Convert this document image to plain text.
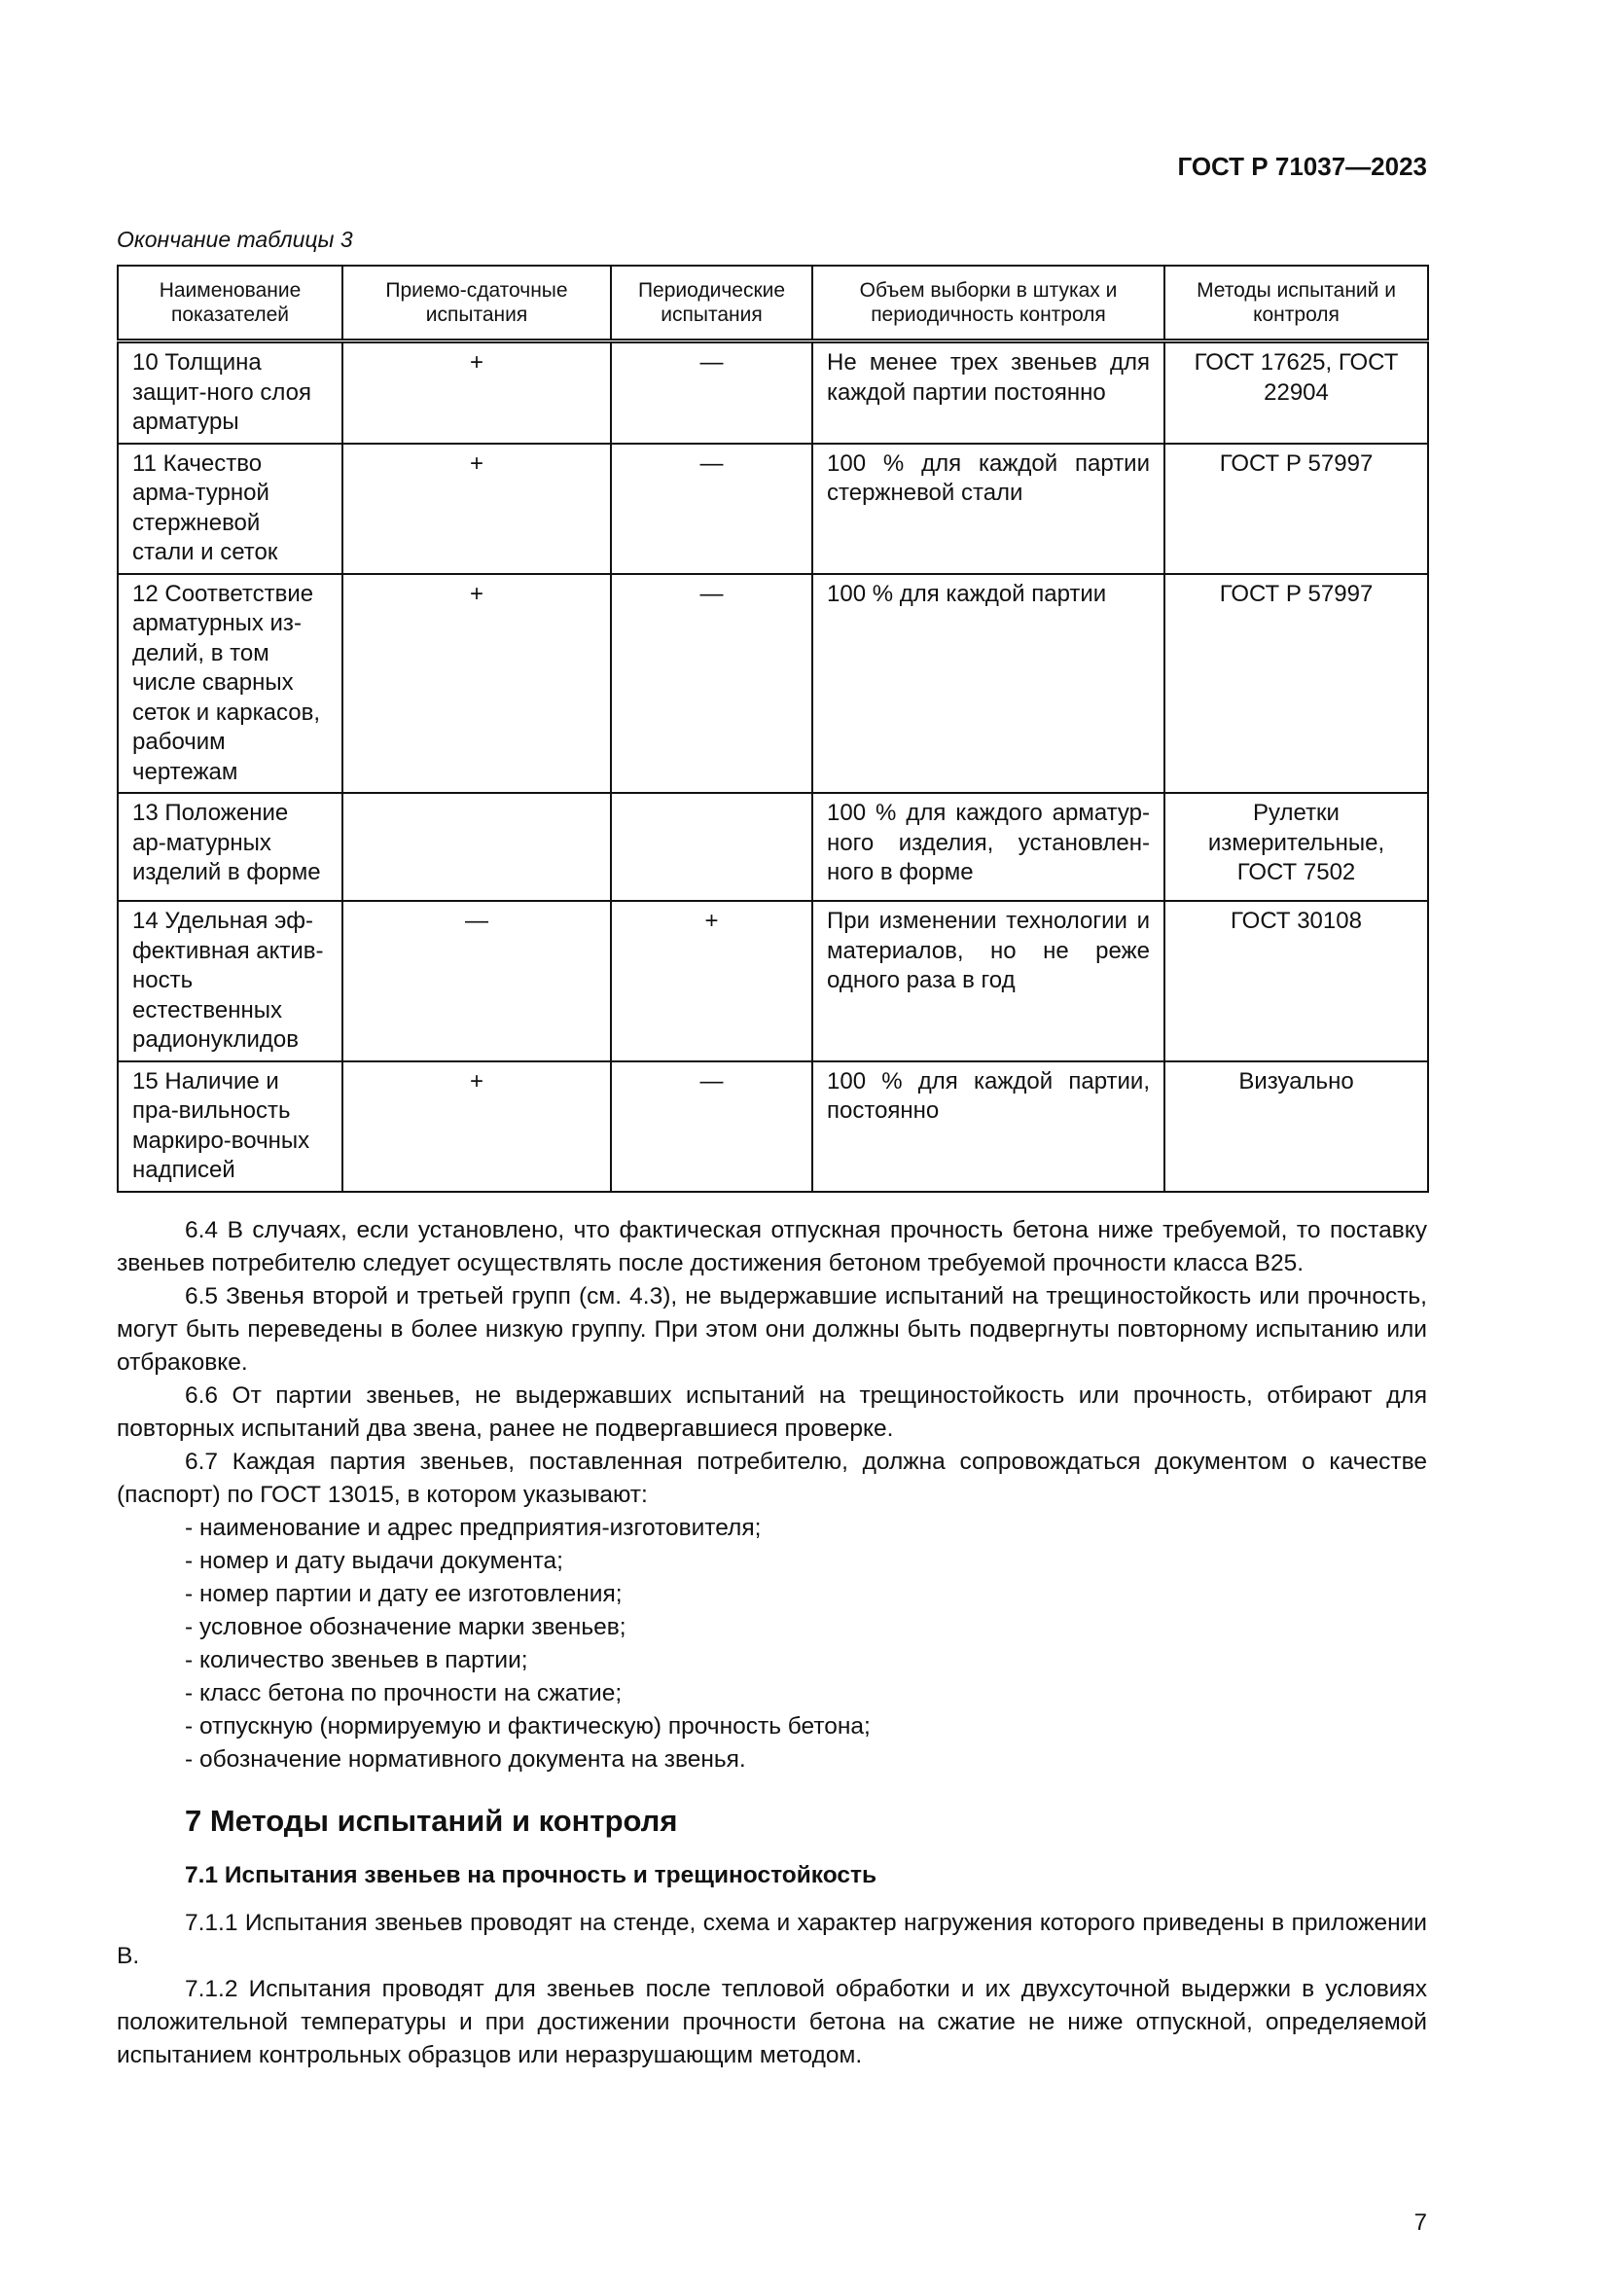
ГОСТ Р 71037—2023
Окончание таблицы 3
Наименование показателей	Приемо-сдаточные испытания	Периодические испытания	Объем выборки в штуках и периодичность контроля	Методы испытаний и контроля
10 Толщина защит-ного слоя арматуры	+	—	Не менее трех звеньев для каждой партии постоянно	ГОСТ 17625, ГОСТ 22904
11 Качество арма-турной стержневой стали и сеток	+	—	100 % для каждой партии стержневой стали	ГОСТ Р 57997
12 Соответствие арматурных из-делий, в том числе сварных сеток и каркасов, рабочим чертежам	+	—	100 % для каждой партии	ГОСТ Р 57997
13 Положение ар-матурных изделий в форме			100 % для каждого арматур-ного изделия, установлен-ного в форме	Рулетки измерительные, ГОСТ 7502
14 Удельная эф-фективная актив-ность естественных радионуклидов	—	+	При изменении технологии и материалов, но не реже одного раза в год	ГОСТ 30108
15 Наличие и пра-вильность маркиро-вочных надписей	+	—	100 % для каждой партии, постоянно	Визуально

6.4 В случаях, если установлено, что фактическая отпускная прочность бетона ниже требуемой, то поставку звеньев потребителю следует осуществлять после достижения бетоном требуемой прочности класса В25.

6.5 Звенья второй и третьей групп (см. 4.3), не выдержавшие испытаний на трещиностойкость или прочность, могут быть переведены в более низкую группу. При этом они должны быть подвергнуты повторному испытанию или отбраковке.

6.6 От партии звеньев, не выдержавших испытаний на трещиностойкость или прочность, отбирают для повторных испытаний два звена, ранее не подвергавшиеся проверке.

6.7 Каждая партия звеньев, поставленная потребителю, должна сопровождаться документом о качестве (паспорт) по ГОСТ 13015, в котором указывают:

- наименование и адрес предприятия-изготовителя;

- номер и дату выдачи документа;

- номер партии и дату ее изготовления;

- условное обозначение марки звеньев;

- количество звеньев в партии;

- класс бетона по прочности на сжатие;

- отпускную (нормируемую и фактическую) прочность бетона;

- обозначение нормативного документа на звенья.

7 Методы испытаний и контроля
7.1 Испытания звеньев на прочность и трещиностойкость

7.1.1 Испытания звеньев проводят на стенде, схема и характер нагружения которого приведены в приложении В.

7.1.2 Испытания проводят для звеньев после тепловой обработки и их двухсуточной выдержки в условиях положительной температуры и при достижении прочности бетона на сжатие не ниже отпускной, определяемой испытанием контрольных образцов или неразрушающим методом.

7
